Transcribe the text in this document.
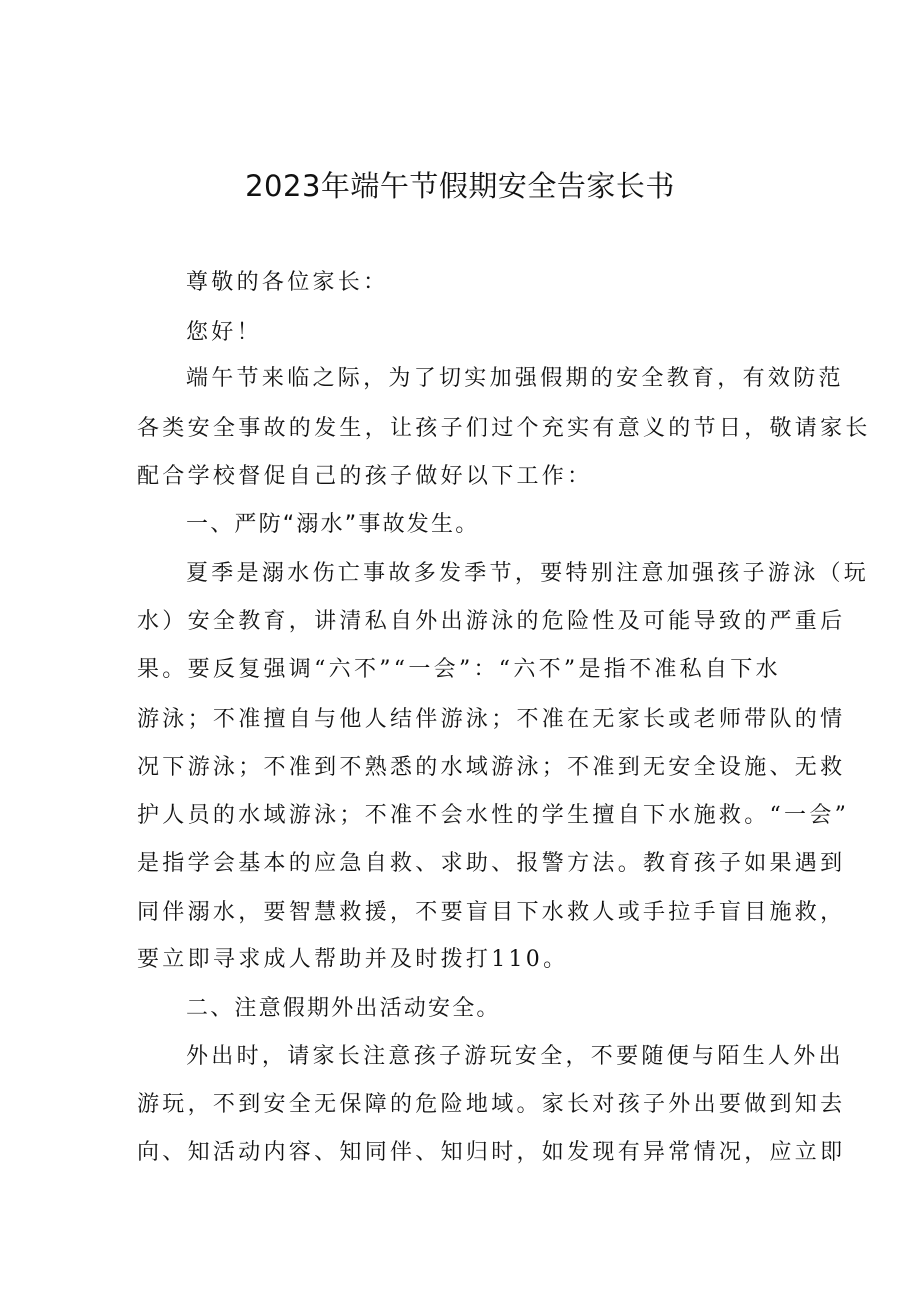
2023年端午节假期安全告家长书
尊敬的各位家长：
您好！
端午节来临之际，为了切实加强假期的安全教育，有效防范
各类安全事故的发生，让孩子们过个充实有意义的节日，敬请家长
配合学校督促自己的孩子做好以下工作：
一、严防“溺水”事故发生。
夏季是溺水伤亡事故多发季节，要特别注意加强孩子游泳（玩
水）安全教育，讲清私自外出游泳的危险性及可能导致的严重后
果。要反复强调“六不”“一会”：“六不”是指不准私自下水
游泳；不准擅自与他人结伴游泳；不准在无家长或老师带队的情
况下游泳；不准到不熟悉的水域游泳；不准到无安全设施、无救
护人员的水域游泳；不准不会水性的学生擅自下水施救。“一会”
是指学会基本的应急自救、求助、报警方法。教育孩子如果遇到
同伴溺水，要智慧救援，不要盲目下水救人或手拉手盲目施救，
要立即寻求成人帮助并及时拨打110。
二、注意假期外出活动安全。
外出时，请家长注意孩子游玩安全，不要随便与陌生人外出
游玩，不到安全无保障的危险地域。家长对孩子外出要做到知去
向、知活动内容、知同伴、知归时，如发现有异常情况，应立即
